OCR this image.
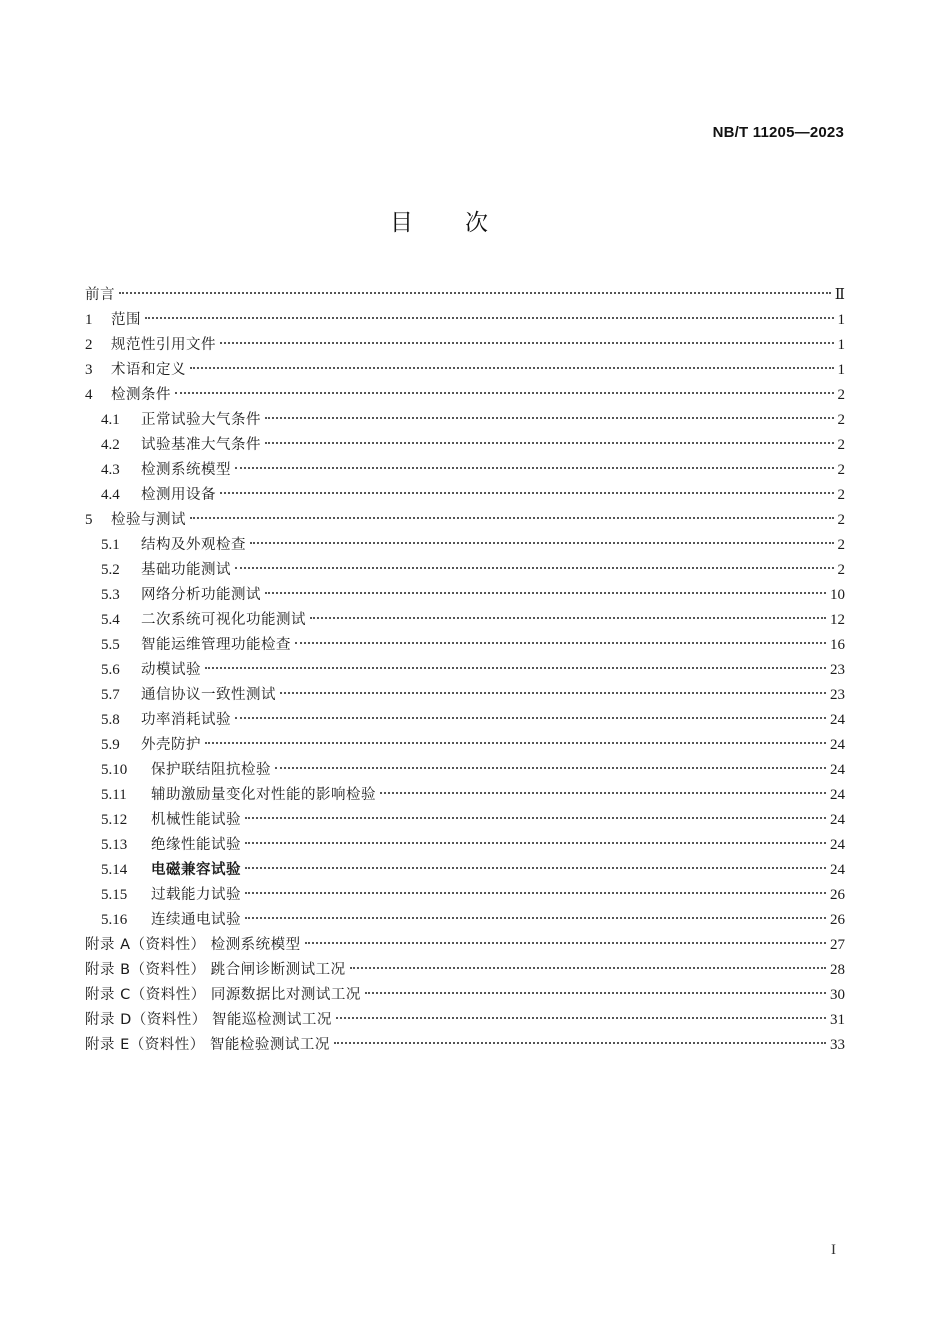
NB/T 11205—2023
目次
前言	Ⅱ
1	范围	1
2	规范性引用文件	1
3	术语和定义	1
4	检测条件	2
4.1	正常试验大气条件	2
4.2	试验基准大气条件	2
4.3	检测系统模型	2
4.4	检测用设备	2
5	检验与测试	2
5.1	结构及外观检查	2
5.2	基础功能测试	2
5.3	网络分析功能测试	10
5.4	二次系统可视化功能测试	12
5.5	智能运维管理功能检查	16
5.6	动模试验	23
5.7	通信协议一致性测试	23
5.8	功率消耗试验	24
5.9	外壳防护	24
5.10	保护联结阻抗检验	24
5.11	辅助激励量变化对性能的影响检验	24
5.12	机械性能试验	24
5.13	绝缘性能试验	24
5.14	电磁兼容试验	24
5.15	过载能力试验	26
5.16	连续通电试验	26
附录 A（资料性） 检测系统模型	27
附录 B（资料性） 跳合闸诊断测试工况	28
附录 C（资料性） 同源数据比对测试工况	30
附录 D（资料性） 智能巡检测试工况	31
附录 E（资料性） 智能检验测试工况	33
I
